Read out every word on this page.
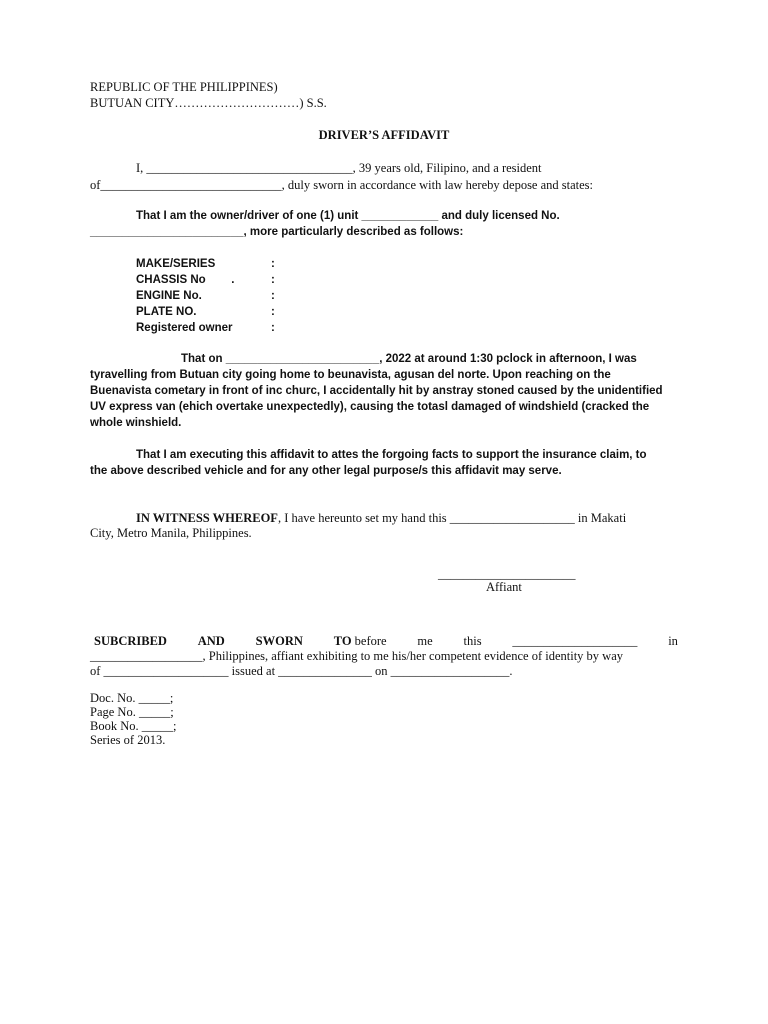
REPUBLIC OF THE PHILIPPINES)
BUTUAN CITY…………………………) S.S.
DRIVER’S AFFIDAVIT
I, _________________________________, 39 years old, Filipino, and a resident
of_____________________________, duly sworn in accordance with law hereby depose and states:
That I am the owner/driver of one (1) unit ____________ and duly licensed No.
________________________, more particularly described as follows:
MAKE/SERIES	:
CHASSIS No        .	:
ENGINE No.	:
PLATE NO.	:
Registered owner	:
That on ________________________, 2022 at around 1:30 pclock in afternoon, I was
tyravelling from Butuan city going home to beunavista, agusan del norte. Upon reaching on the
Buenavista cometary in front of inc churc, I accidentally hit by anstray stoned caused by the unidentified
UV express van (ehich overtake unexpectedly), causing the totasl damaged of windshield (cracked the
whole winshield.
That I am executing this affidavit to attes the forgoing facts to support the insurance claim, to
the above described vehicle and for any other legal purpose/s this affidavit may serve.
IN WITNESS WHEREOF, I have hereunto set my hand this ____________________ in Makati
City, Metro Manila, Philippines.
______________________
Affiant
SUBCRIBED AND SWORN TO before me this ____________________ in
__________________, Philippines, affiant exhibiting to me his/her competent evidence of identity by way
of ____________________ issued at _______________ on ___________________.
Doc. No. _____;
Page No. _____;
Book No. _____;
Series of 2013.
